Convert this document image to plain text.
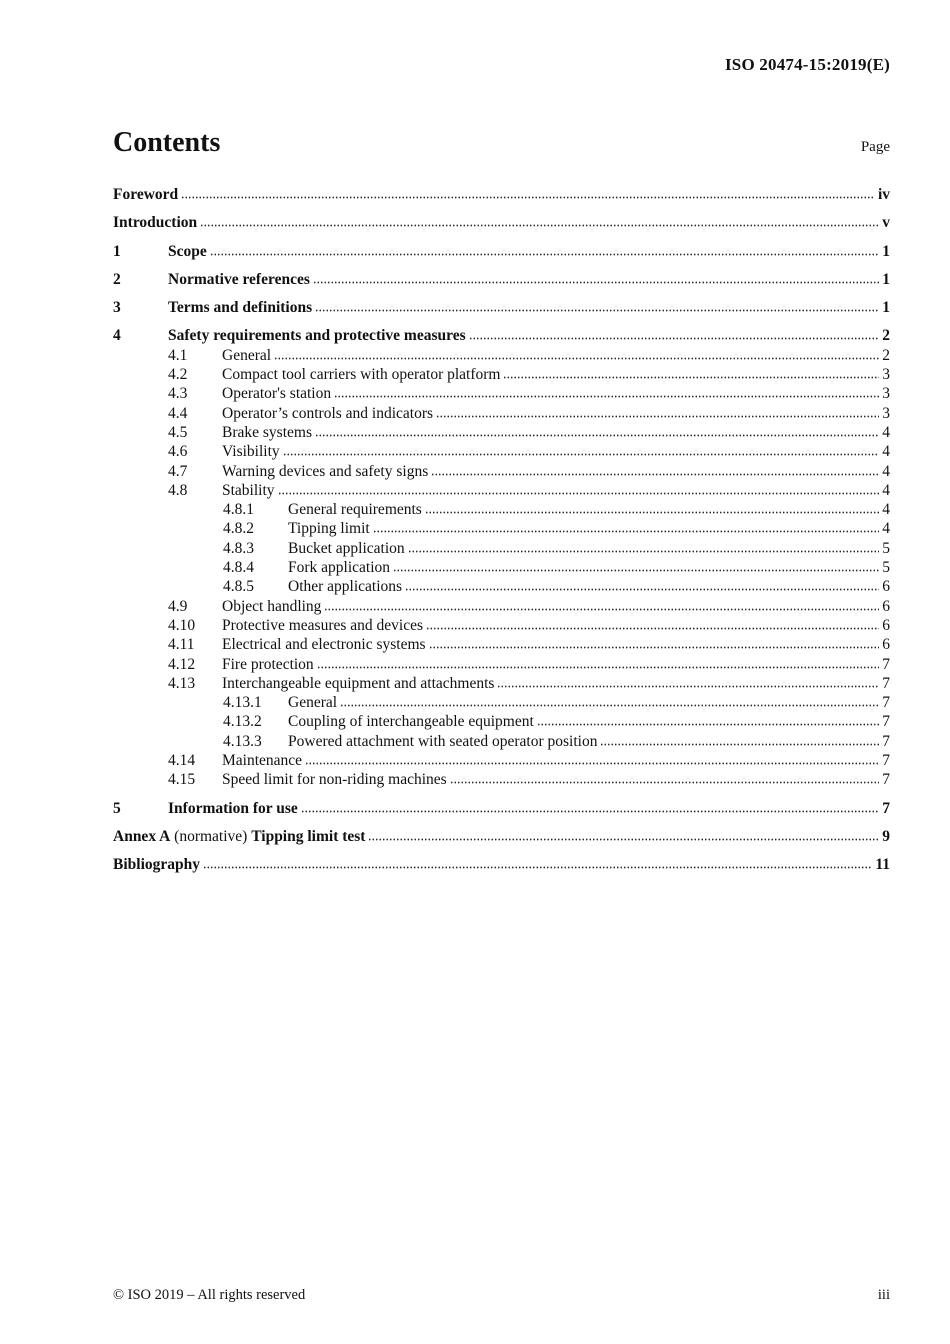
ISO 20474-15:2019(E)
Contents	Page
Foreword	iv
Introduction	v
1	Scope	1
2	Normative references	1
3	Terms and definitions	1
4	Safety requirements and protective measures	2
4.1	General	2
4.2	Compact tool carriers with operator platform	3
4.3	Operator's station	3
4.4	Operator’s controls and indicators	3
4.5	Brake systems	4
4.6	Visibility	4
4.7	Warning devices and safety signs	4
4.8	Stability	4
4.8.1	General requirements	4
4.8.2	Tipping limit	4
4.8.3	Bucket application	5
4.8.4	Fork application	5
4.8.5	Other applications	6
4.9	Object handling	6
4.10	Protective measures and devices	6
4.11	Electrical and electronic systems	6
4.12	Fire protection	7
4.13	Interchangeable equipment and attachments	7
4.13.1	General	7
4.13.2	Coupling of interchangeable equipment	7
4.13.3	Powered attachment with seated operator position	7
4.14	Maintenance	7
4.15	Speed limit for non-riding machines	7
5	Information for use	7
Annex A (normative) Tipping limit test	9
Bibliography	11
© ISO 2019 – All rights reserved	iii
